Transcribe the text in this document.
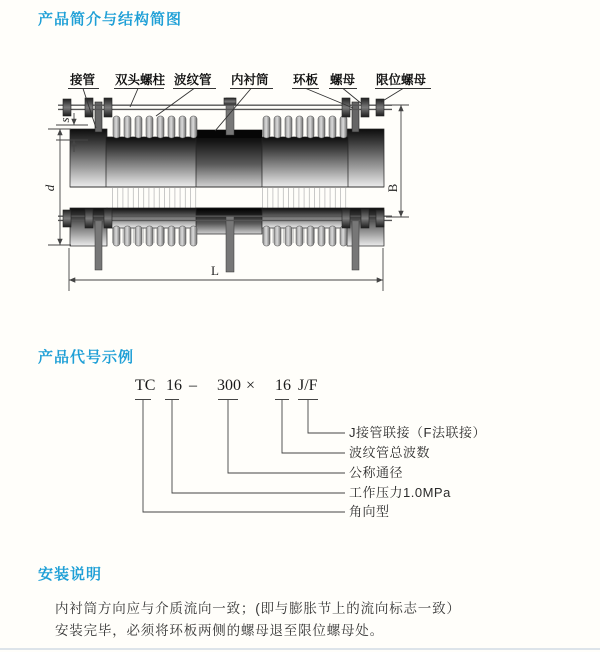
产品简介与结构简图
s
d	B
L
接管 双头螺柱 波纹管 内衬筒 环板 螺母 限位螺母
产品代号示例
TC 16 – 300 × 16 J/F
J接管联接（F法联接）
波纹管总波数
公称通径
工作压力1.0MPa
角向型
安装说明
内衬筒方向应与介质流向一致；(即与膨胀节上的流向标志一致）
安装完毕，必须将环板两侧的螺母退至限位螺母处。
